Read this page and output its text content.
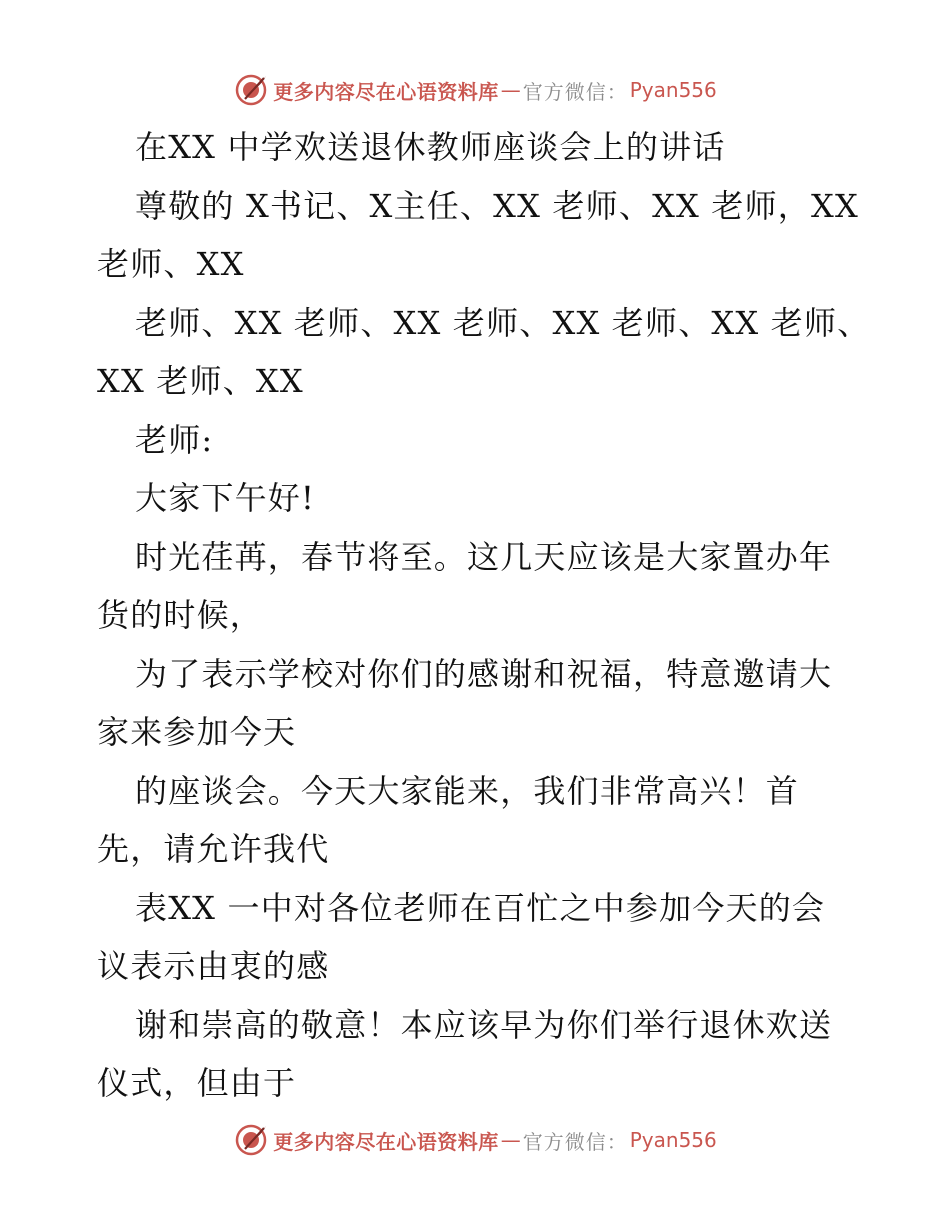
更多内容尽在心语资料库 — 官方微信： Pyan556

在XX 中学欢送退休教师座谈会上的讲话

尊敬的 X书记、X主任、XX 老师、XX 老师，XX
老师、XX

老师、XX 老师、XX 老师、XX 老师、XX 老师、
XX 老师、XX

老师:

大家下午好!

时光荏苒，春节将至。这几天应该是大家置办年
货的时候，

为了表示学校对你们的感谢和祝福，特意邀请大
家来参加今天

的座谈会。今天大家能来，我们非常高兴！首
先，请允许我代

表XX 一中对各位老师在百忙之中参加今天的会
议表示由衷的感

谢和崇高的敬意！本应该早为你们举行退休欢送
仪式，但由于

更多内容尽在心语资料库 — 官方微信： Pyan556
